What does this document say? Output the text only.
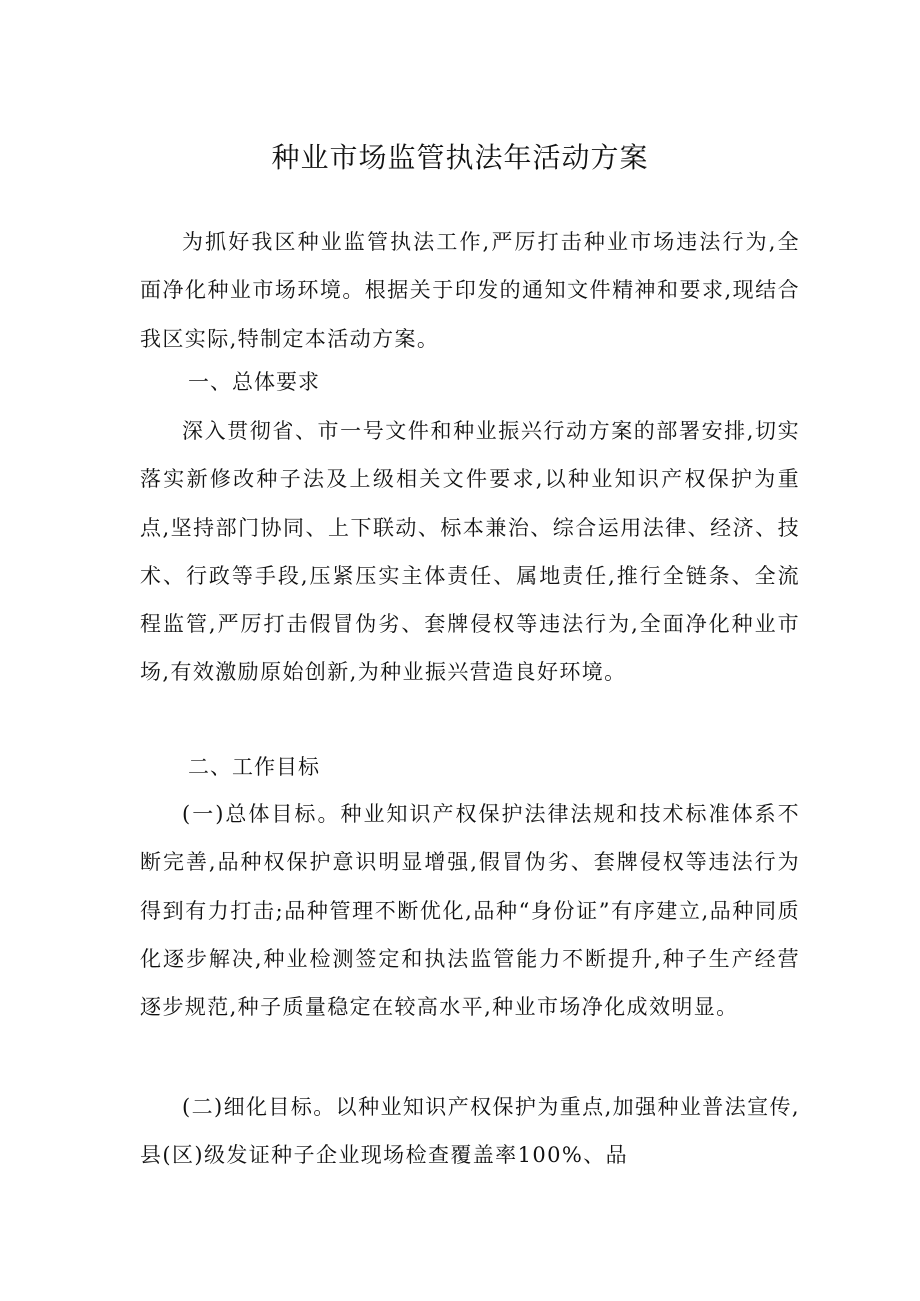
种业市场监管执法年活动方案

为抓好我区种业监管执法工作,严厉打击种业市场违法行为,全面净化种业市场环境。根据关于印发的通知文件精神和要求,现结合我区实际,特制定本活动方案。

一、总体要求

深入贯彻省、市一号文件和种业振兴行动方案的部署安排,切实落实新修改种子法及上级相关文件要求,以种业知识产权保护为重点,坚持部门协同、上下联动、标本兼治、综合运用法律、经济、技术、行政等手段,压紧压实主体责任、属地责任,推行全链条、全流程监管,严厉打击假冒伪劣、套牌侵权等违法行为,全面净化种业市场,有效激励原始创新,为种业振兴营造良好环境。

二、工作目标

(一)总体目标。种业知识产权保护法律法规和技术标准体系不断完善,品种权保护意识明显增强,假冒伪劣、套牌侵权等违法行为得到有力打击;品种管理不断优化,品种“身份证”有序建立,品种同质化逐步解决,种业检测签定和执法监管能力不断提升,种子生产经营逐步规范,种子质量稳定在较高水平,种业市场净化成效明显。

(二)细化目标。以种业知识产权保护为重点,加强种业普法宣传,县(区)级发证种子企业现场检查覆盖率100%、品
